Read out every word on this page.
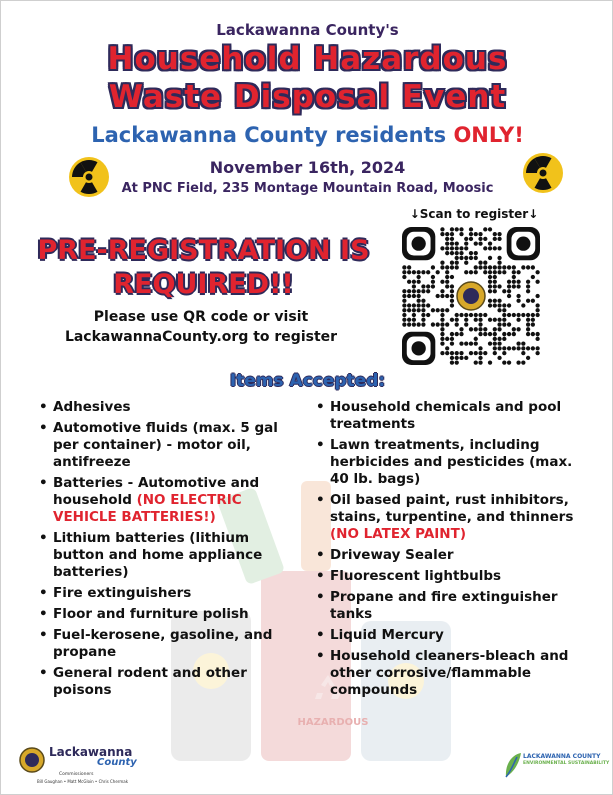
HAZARDOUS
Lackawanna County's
Household Hazardous
Waste Disposal Event
Lackawanna County residents ONLY!
November 16th, 2024
At PNC Field, 235 Montage Mountain Road, Moosic
PRE-REGISTRATION IS
REQUIRED!!
Please use QR code or visit
LackawannaCounty.org to register
↓Scan to register↓
Items Accepted:
• Adhesives
• Automotive fluids (max. 5 gal per container) - motor oil, antifreeze
• Batteries - Automotive and household (NO ELECTRIC VEHICLE BATTERIES!)
• Lithium batteries (lithium button and home appliance batteries)
• Fire extinguishers
• Floor and furniture polish
• Fuel-kerosene, gasoline, and propane
• General rodent and other poisons
• Household chemicals and pool treatments
• Lawn treatments, including herbicides and pesticides (max. 40 lb. bags)
• Oil based paint, rust inhibitors, stains, turpentine, and thinners (NO LATEX PAINT)
• Driveway Sealer
• Fluorescent lightbulbs
• Propane and fire extinguisher tanks
• Liquid Mercury
• Household cleaners-bleach and other corrosive/flammable compounds
Lackawanna
County
Commissioners
Bill Gaughan • Matt McGloin • Chris Chermak
LACKAWANNA COUNTY
ENVIRONMENTAL SUSTAINABILITY
